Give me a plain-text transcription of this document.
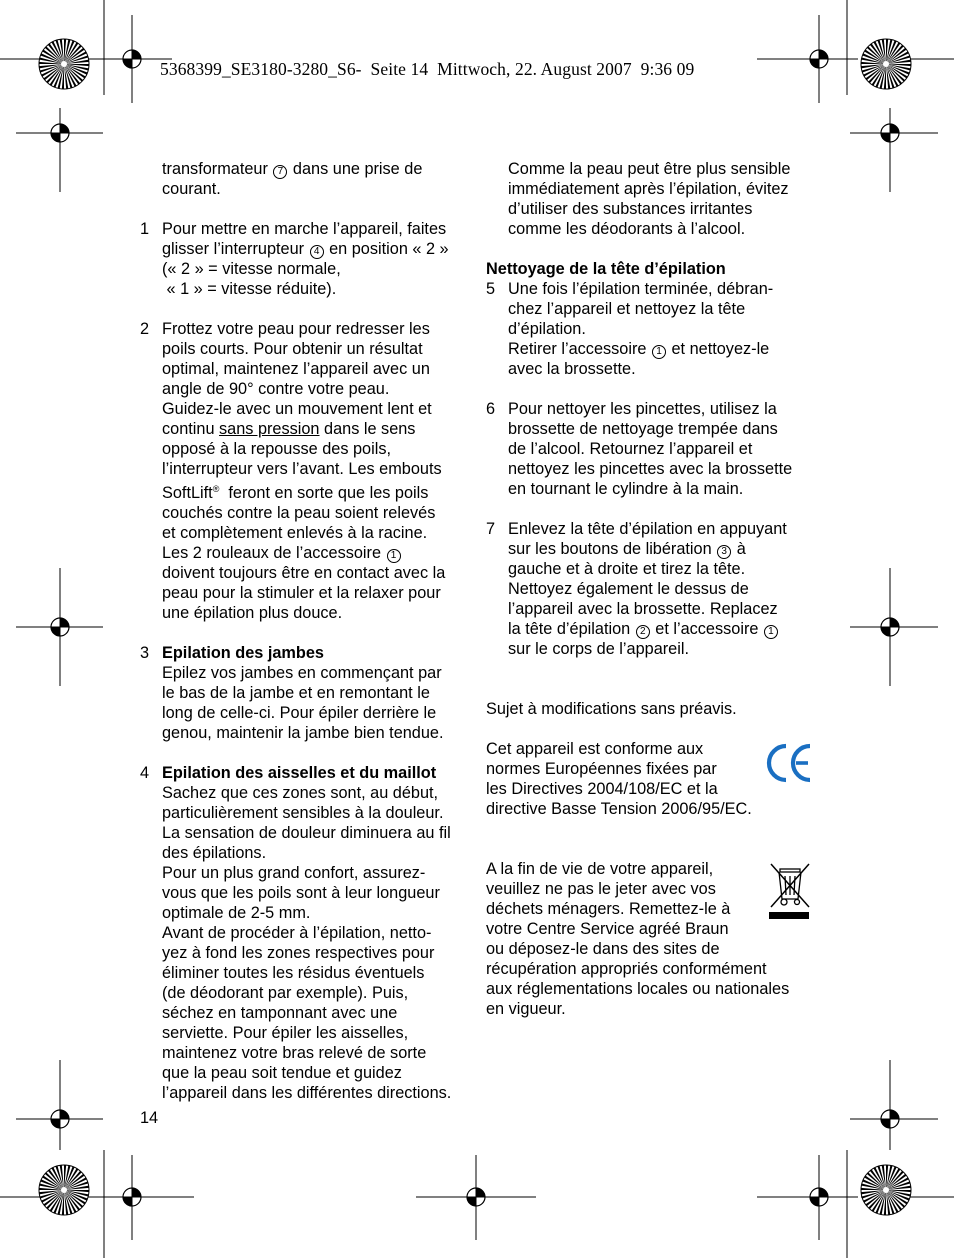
5368399_SE3180-3280_S6-  Seite 14  Mittwoch, 22. August 2007  9:36 09
transformateur 7 dans une prise de
courant.
1 Pour mettre en marche l’appareil, faites
glisser l’interrupteur 4 en position « 2 »
(« 2 » = vitesse normale,
« 1 » = vitesse réduite).
2 Frottez votre peau pour redresser les
poils courts. Pour obtenir un résultat
optimal, maintenez l’appareil avec un
angle de 90° contre votre peau.
Guidez-le avec un mouvement lent et
continu sans pression dans le sens
opposé à la repousse des poils,
l’interrupteur vers l’avant. Les embouts
SoftLift®  feront en sorte que les poils
couchés contre la peau soient relevés
et complètement enlevés à la racine.
Les 2 rouleaux de l’accessoire 1
doivent toujours être en contact avec la
peau pour la stimuler et la relaxer pour
une épilation plus douce.
3 Epilation des jambes
Epilez vos jambes en commençant par
le bas de la jambe et en remontant le
long de celle-ci. Pour épiler derrière le
genou, maintenir la jambe bien tendue.
4 Epilation des aisselles et du maillot
Sachez que ces zones sont, au début,
particulièrement sensibles à la douleur.
La sensation de douleur diminuera au fil
des épilations.
Pour un plus grand confort, assurez-
vous que les poils sont à leur longueur
optimale de 2-5 mm.
Avant de procéder à l’épilation, netto-
yez à fond les zones respectives pour
éliminer toutes les résidus éventuels
(de déodorant par exemple). Puis,
séchez en tamponnant avec une
serviette. Pour épiler les aisselles,
maintenez votre bras relevé de sorte
que la peau soit tendue et guidez
l’appareil dans les différentes directions.
Comme la peau peut être plus sensible
immédiatement après l’épilation, évitez
d’utiliser des substances irritantes
comme les déodorants à l’alcool.
Nettoyage de la tête d’épilation
5 Une fois l’épilation terminée, débran-
chez l’appareil et nettoyez la tête
d’épilation.
Retirer l’accessoire 1 et nettoyez-le
avec la brossette.
6 Pour nettoyer les pincettes, utilisez la
brossette de nettoyage trempée dans
de l’alcool. Retournez l’appareil et
nettoyez les pincettes avec la brossette
en tournant le cylindre à la main.
7 Enlevez la tête d’épilation en appuyant
sur les boutons de libération 3 à
gauche et à droite et tirez la tête.
Nettoyez également le dessus de
l’appareil avec la brossette. Replacez
la tête d’épilation 2 et l’accessoire 1
sur le corps de l’appareil.
Sujet à modifications sans préavis.
Cet appareil est conforme aux
normes Européennes fixées par
les Directives 2004/108/EC et la
directive Basse Tension 2006/95/EC.
A la fin de vie de votre appareil,
veuillez ne pas le jeter avec vos
déchets ménagers. Remettez-le à
votre Centre Service agréé Braun
ou déposez-le dans des sites de
récupération appropriés conformément
aux réglementations locales ou nationales
en vigueur.
14
